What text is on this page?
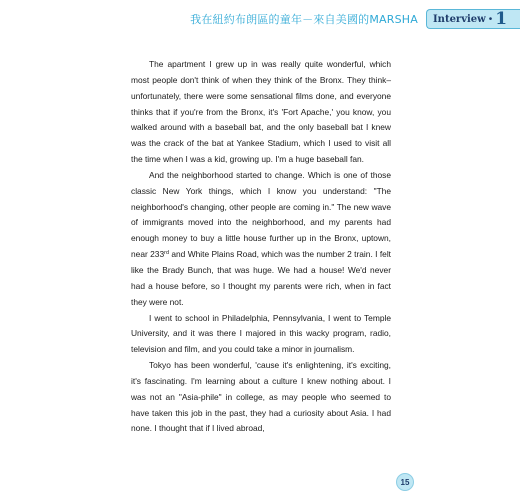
我在紐約布朗區的童年－來自美國的MARSHA Interview • 1

The apartment I grew up in was really quite wonderful, which most people don't think of when they think of the Bronx. They think–unfortunately, there were some sensational films done, and everyone thinks that if you're from the Bronx, it's 'Fort Apache,' you know, you walked around with a baseball bat, and the only baseball bat I knew was the crack of the bat at Yankee Stadium, which I used to visit all the time when I was a kid, growing up. I'm a huge baseball fan.

And the neighborhood started to change. Which is one of those classic New York things, which I know you understand: "The neighborhood's changing, other people are coming in." The new wave of immigrants moved into the neighborhood, and my parents had enough money to buy a little house further up in the Bronx, uptown, near 233rd and White Plains Road, which was the number 2 train. I felt like the Brady Bunch, that was huge. We had a house! We'd never had a house before, so I thought my parents were rich, when in fact they were not.

I went to school in Philadelphia, Pennsylvania, I went to Temple University, and it was there I majored in this wacky program, radio, television and film, and you could take a minor in journalism.

Tokyo has been wonderful, 'cause it's enlightening, it's exciting, it's fascinating. I'm learning about a culture I knew nothing about. I was not an "Asia-phile" in college, as may people who seemed to have taken this job in the past, they had a curiosity about Asia. I had none. I thought that if I lived abroad,

15
